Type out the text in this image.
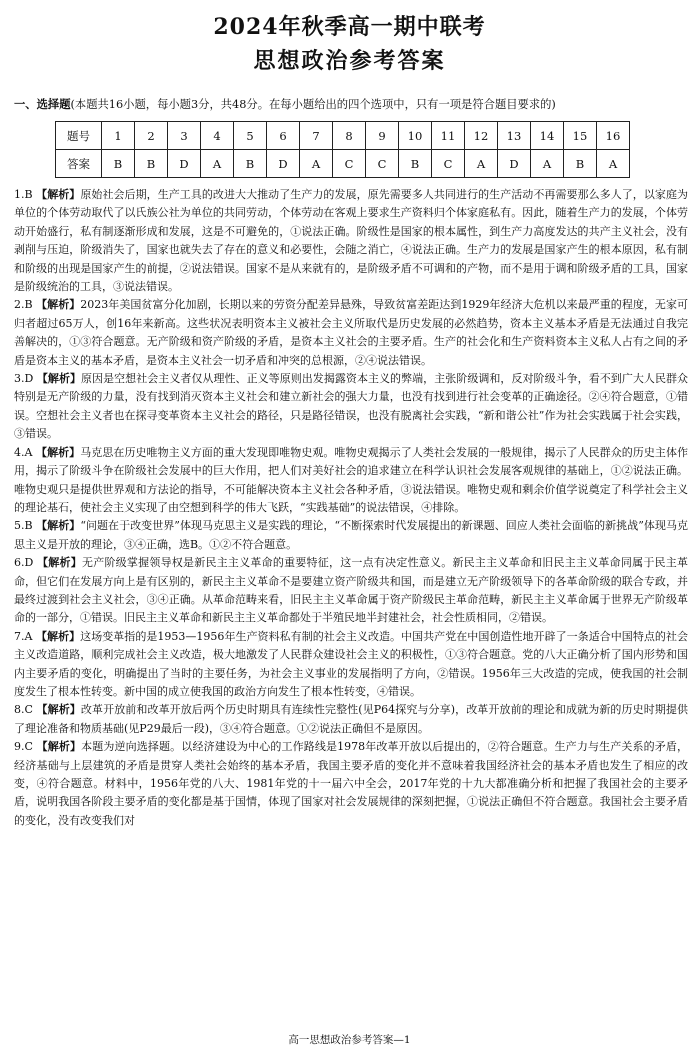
2024年秋季高一期中联考
思想政治参考答案
一、选择题(本题共16小题，每小题3分，共48分。在每小题给出的四个选项中，只有一项是符合题目要求的)
题号	1	2	3	4	5	6	7	8	9	10	11	12	13	14	15	16
答案	B	B	D	A	B	D	A	C	C	B	C	A	D	A	B	A

1.B 【解析】原始社会后期，生产工具的改进大大推动了生产力的发展，原先需要多人共同进行的生产活动不再需要那么多人了，以家庭为单位的个体劳动取代了以氏族公社为单位的共同劳动，个体劳动在客观上要求生产资料归个体家庭私有。因此，随着生产力的发展，个体劳动开始盛行，私有制逐渐形成和发展，这是不可避免的，①说法正确。阶级性是国家的根本属性，到生产力高度发达的共产主义社会，没有剥削与压迫，阶级消失了，国家也就失去了存在的意义和必要性，会随之消亡，④说法正确。生产力的发展是国家产生的根本原因，私有制和阶级的出现是国家产生的前提，②说法错误。国家不是从来就有的，是阶级矛盾不可调和的产物，而不是用于调和阶级矛盾的工具，国家是阶级统治的工具，③说法错误。

2.B 【解析】2023年美国贫富分化加剧，长期以来的劳资分配差异悬殊，导致贫富差距达到1929年经济大危机以来最严重的程度，无家可归者超过65万人，创16年来新高。这些状况表明资本主义被社会主义所取代是历史发展的必然趋势，资本主义基本矛盾是无法通过自我完善解决的，①③符合题意。无产阶级和资产阶级的矛盾，是资本主义社会的主要矛盾。生产的社会化和生产资料资本主义私人占有之间的矛盾是资本主义的基本矛盾，是资本主义社会一切矛盾和冲突的总根源，②④说法错误。

3.D 【解析】原因是空想社会主义者仅从理性、正义等原则出发揭露资本主义的弊端，主张阶级调和，反对阶级斗争，看不到广大人民群众特别是无产阶级的力量，没有找到消灭资本主义社会和建立新社会的强大力量，也没有找到进行社会变革的正确途径。②④符合题意，①错误。空想社会主义者也在探寻变革资本主义社会的路径，只是路径错误，也没有脱离社会实践，“新和谐公社”作为社会实践属于社会实践，③错误。

4.A 【解析】马克思在历史唯物主义方面的重大发现即唯物史观。唯物史观揭示了人类社会发展的一般规律，揭示了人民群众的历史主体作用，揭示了阶级斗争在阶级社会发展中的巨大作用，把人们对美好社会的追求建立在科学认识社会发展客观规律的基础上，①②说法正确。唯物史观只是提供世界观和方法论的指导，不可能解决资本主义社会各种矛盾，③说法错误。唯物史观和剩余价值学说奠定了科学社会主义的理论基石，使社会主义实现了由空想到科学的伟大飞跃，“实践基础”的说法错误，④排除。

5.B 【解析】“问题在于改变世界”体现马克思主义是实践的理论，“不断探索时代发展提出的新课题、回应人类社会面临的新挑战”体现马克思主义是开放的理论，③④正确，选B。①②不符合题意。

6.D 【解析】无产阶级掌握领导权是新民主主义革命的重要特征，这一点有决定性意义。新民主主义革命和旧民主主义革命同属于民主革命，但它们在发展方向上是有区别的，新民主主义革命不是要建立资产阶级共和国，而是建立无产阶级领导下的各革命阶级的联合专政，并最终过渡到社会主义社会，③④正确。从革命范畴来看，旧民主主义革命属于资产阶级民主革命范畴，新民主主义革命属于世界无产阶级革命的一部分，①错误。旧民主主义革命和新民主主义革命都处于半殖民地半封建社会，社会性质相同，②错误。

7.A 【解析】这场变革指的是1953—1956年生产资料私有制的社会主义改造。中国共产党在中国创造性地开辟了一条适合中国特点的社会主义改造道路，顺利完成社会主义改造，极大地激发了人民群众建设社会主义的积极性，①③符合题意。党的八大正确分析了国内形势和国内主要矛盾的变化，明确提出了当时的主要任务，为社会主义事业的发展指明了方向，②错误。1956年三大改造的完成，使我国的社会制度发生了根本性转变。新中国的成立使我国的政治方向发生了根本性转变，④错误。

8.C 【解析】改革开放前和改革开放后两个历史时期具有连续性完整性(见P64探究与分享)，改革开放前的理论和成就为新的历史时期提供了理论准备和物质基础(见P29最后一段)，③④符合题意。①②说法正确但不是原因。

9.C 【解析】本题为逆向选择题。以经济建设为中心的工作路线是1978年改革开放以后提出的，②符合题意。生产力与生产关系的矛盾，经济基础与上层建筑的矛盾是贯穿人类社会始终的基本矛盾，我国主要矛盾的变化并不意味着我国经济社会的基本矛盾也发生了相应的改变，④符合题意。材料中，1956年党的八大、1981年党的十一届六中全会，2017年党的十九大都准确分析和把握了我国社会的主要矛盾，说明我国各阶段主要矛盾的变化都是基于国情，体现了国家对社会发展规律的深刻把握，①说法正确但不符合题意。我国社会主要矛盾的变化，没有改变我们对

高一思想政治参考答案—1
